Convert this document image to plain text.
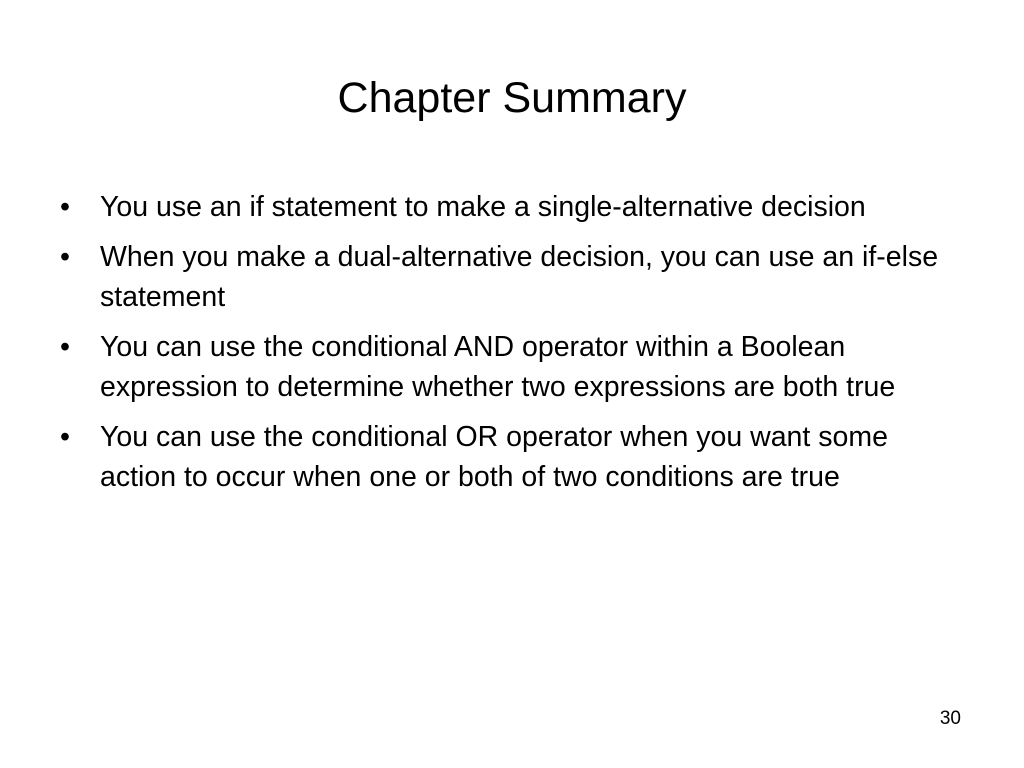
Chapter Summary
•	You use an if statement to make a single-alternative decision
•	When you make a dual-alternative decision, you can use an if-else statement
•	You can use the conditional AND operator within a Boolean expression to determine whether two expressions are both true
•	You can use the conditional OR operator when you want some action to occur when one or both of two conditions are true
30
